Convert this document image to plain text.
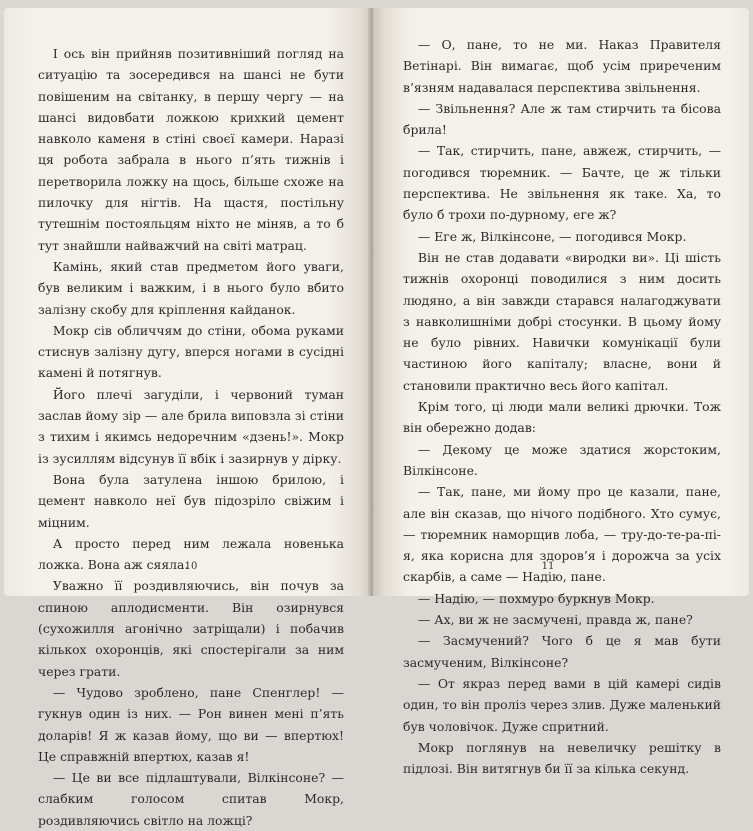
І ось він прийняв позитивніший погляд на ситуацію та зосередився на шансі не бути повішеним на світанку, в першу чергу — на шансі видовбати ложкою крихкий цемент навколо каменя в стіні своєї камери. Наразі ця робота забрала в нього п’ять тижнів і перетворила ложку на щось, більше схоже на пилочку для нігтів. На щастя, постільну тутешнім постояльцям ніхто не міняв, а то б тут знайшли найважчий на світі матрац.

Камінь, який став предметом його уваги, був великим і важким, і в нього було вбито залізну скобу для кріплення кайданок.

Мокр сів обличчям до стіни, обома руками стиснув залізну дугу, вперся ногами в сусідні камені й потягнув.

Його плечі загуділи, і червоний туман заслав йому зір — але брила виповзла зі стіни з тихим і якимсь недоречним «дзень!». Мокр із зусиллям відсунув її вбік і зазирнув у дірку.

Вона була затулена іншою брилою, і цемент навколо неї був підозріло свіжим і міцним.

А просто перед ним лежала новенька ложка. Вона аж сяяла.

Уважно її роздивляючись, він почув за спиною аплодисменти. Він озирнувся (сухожилля агонічно затріщали) і побачив кількох охоронців, які спостерігали за ним через грати.

— Чудово зроблено, пане Спенглер! — гукнув один із них. — Рон винен мені п’ять доларів! Я ж казав йому, що ви — впертюх! Це справжній впертюх, казав я!

— Це ви все підлаштували, Вілкінсоне? — слабким голосом спитав Мокр, роздивляючись світло на ложці?

10

— О, пане, то не ми. Наказ Правителя Ветінарі. Він вимагає, щоб усім приреченим в’язням надавалася перспектива звільнення.

— Звільнення? Але ж там стирчить та бісова брила!

— Так, стирчить, пане, авжеж, стирчить, — погодився тюремник. — Бачте, це ж тільки перспектива. Не звільнення як таке. Ха, то було б трохи по-дурному, еге ж?

— Еге ж, Вілкінсоне, — погодився Мокр.

Він не став додавати «виродки ви». Ці шість тижнів охоронці поводилися з ним досить людяно, а він завжди старався налагоджувати з навколишніми добрі стосунки. В цьому йому не було рівних. Навички комунікації були частиною його капіталу; власне, вони й становили практично весь його капітал.

Крім того, ці люди мали великі дрючки. Тож він обережно додав:

— Декому це може здатися жорстоким, Вілкінсоне.

— Так, пане, ми йому про це казали, пане, але він сказав, що нічого подібного. Хто сумує, — тюремник наморщив лоба, — тру-до-те-ра-пі-я, яка корисна для здоров’я і дорожча за усіх скарбів, а саме — Надію, пане.

— Надію, — похмуро буркнув Мокр.

— Ах, ви ж не засмучені, правда ж, пане?

— Засмучений? Чого б це я мав бути засмученим, Вілкінсоне?

— От якраз перед вами в цій камері сидів один, то він проліз через злив. Дуже маленький був чоловічок. Дуже спритний.

Мокр поглянув на невеличку решітку в підлозі. Він витягнув би її за кілька секунд.

11
